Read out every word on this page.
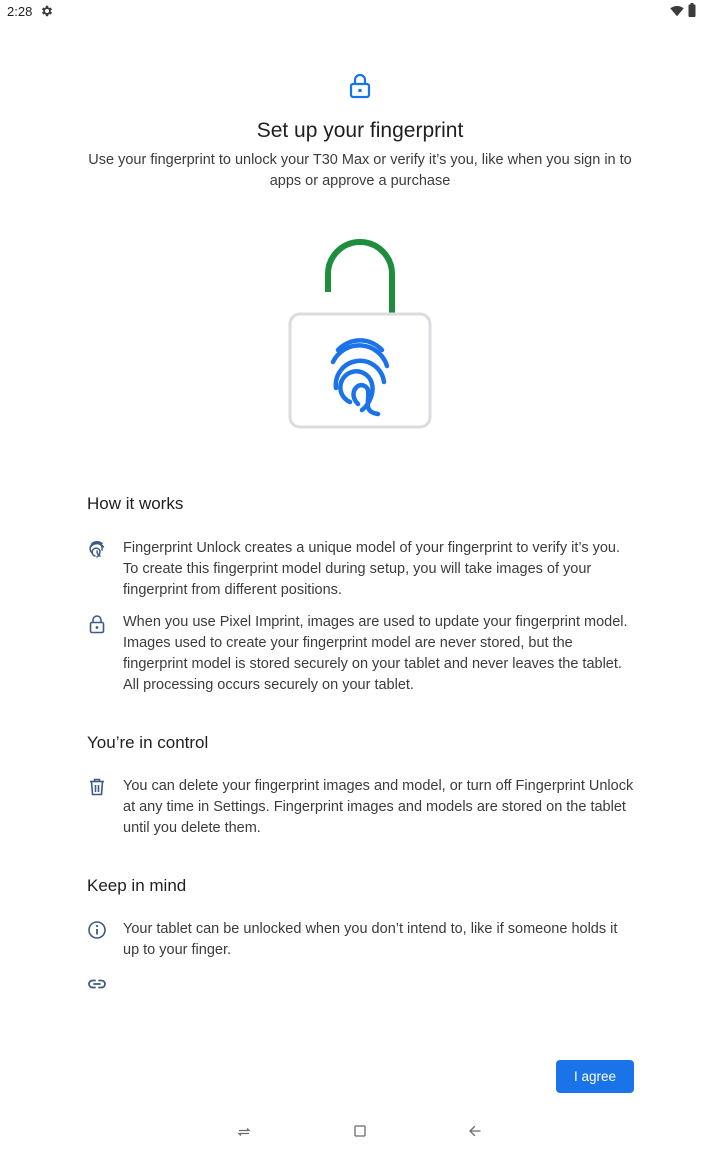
2:28
Set up your fingerprint
Use your fingerprint to unlock your T30 Max or verify it’s you, like when you sign in to apps or approve a purchase
How it works
Fingerprint Unlock creates a unique model of your fingerprint to verify it’s you. To create this fingerprint model during setup, you will take images of your fingerprint from different positions.
When you use Pixel Imprint, images are used to update your fingerprint model. Images used to create your fingerprint model are never stored, but the fingerprint model is stored securely on your tablet and never leaves the tablet. All processing occurs securely on your tablet.
You’re in control
You can delete your fingerprint images and model, or turn off Fingerprint Unlock at any time in Settings. Fingerprint images and models are stored on the tablet until you delete them.
Keep in mind
Your tablet can be unlocked when you don’t intend to, like if someone holds it up to your finger.
I agree
